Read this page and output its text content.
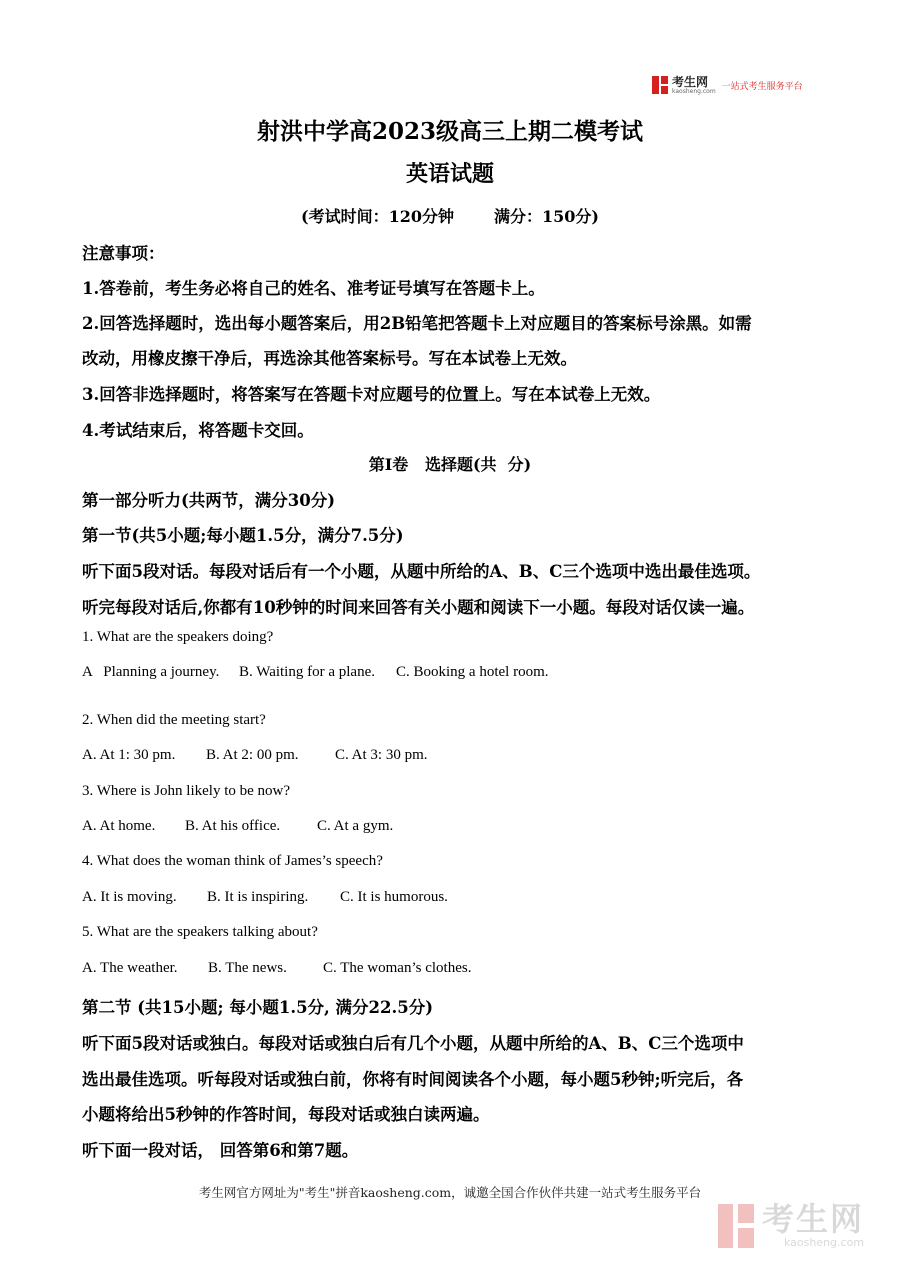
考生网
kaosheng.com 一站式考生服务平台
射洪中学高2023级高三上期二模考试
英语试题
(考试时间：120分钟	满分：150分)
注意事项：
1.答卷前，考生务必将自己的姓名、准考证号填写在答题卡上。
2.回答选择题时，选出每小题答案后，用2B铅笔把答题卡上对应题目的答案标号涂黑。如需
改动，用橡皮擦干净后，再选涂其他答案标号。写在本试卷上无效。
3.回答非选择题时，将答案写在答题卡对应题号的位置上。写在本试卷上无效。
4.考试结束后，将答题卡交回。
第I卷   选择题(共  分)
第一部分听力(共两节，满分30分)
第一节(共5小题;每小题1.5分，满分7.5分)
听下面5段对话。每段对话后有一个小题，从题中所给的A、B、C三个选项中选出最佳选项。
听完每段对话后,你都有10秒钟的时间来回答有关小题和阅读下一小题。每段对话仅读一遍。
1. What are the speakers doing?
A   Planning a journey. B. Waiting for a plane. C. Booking a hotel room.
2. When did the meeting start?
A. At 1: 30 pm. B. At 2: 00 pm. C. At 3: 30 pm.
3. Where is John likely to be now?
A. At home. B. At his office. C. At a gym.
4. What does the woman think of James’s speech?
A. It is moving. B. It is inspiring. C. It is humorous.
5. What are the speakers talking about?
A. The weather. B. The news. C. The woman’s clothes.
第二节 (共15小题; 每小题1.5分, 满分22.5分)
听下面5段对话或独白。每段对话或独白后有几个小题，从题中所给的A、B、C三个选项中
选出最佳选项。听每段对话或独白前，你将有时间阅读各个小题，每小题5秒钟;听完后，各
小题将给出5秒钟的作答时间，每段对话或独白读两遍。
听下面一段对话， 回答第6和第7题。
考生网官方网址为"考生"拼音kaosheng.com，诚邀全国合作伙伴共建一站式考生服务平台
考生网
kaosheng.com
